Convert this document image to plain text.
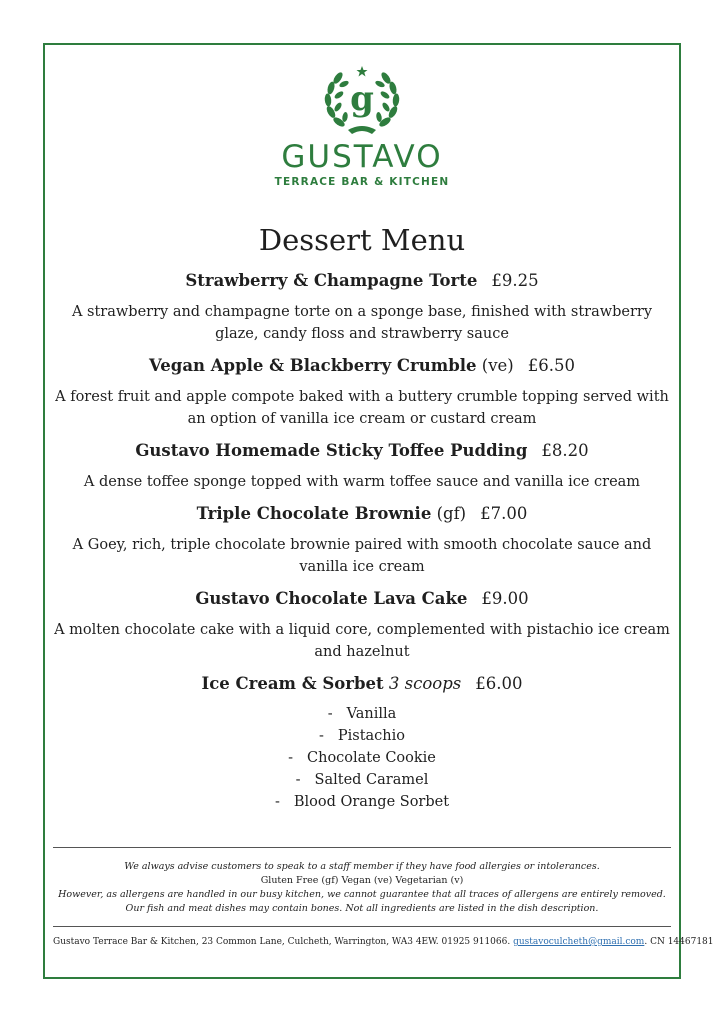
g
GUSTAVO
TERRACE BAR & KITCHEN
Dessert Menu
Strawberry & Champagne Torte £9.25
A strawberry and champagne torte on a sponge base, finished with strawberry glaze, candy floss and strawberry sauce
Vegan Apple & Blackberry Crumble (ve) £6.50
A forest fruit and apple compote baked with a buttery crumble topping served with an option of vanilla ice cream or custard cream
Gustavo Homemade Sticky Toffee Pudding £8.20
A dense toffee sponge topped with warm toffee sauce and vanilla ice cream
Triple Chocolate Brownie (gf) £7.00
A Goey, rich, triple chocolate brownie paired with smooth chocolate sauce and vanilla ice cream
Gustavo Chocolate Lava Cake £9.00
A molten chocolate cake with a liquid core, complemented with pistachio ice cream and hazelnut
Ice Cream & Sorbet 3 scoops £6.00
- Vanilla
- Pistachio
- Chocolate Cookie
- Salted Caramel
- Blood Orange Sorbet
We always advise customers to speak to a staff member if they have food allergies or intolerances.
Gluten Free (gf) Vegan (ve) Vegetarian (v)
However, as allergens are handled in our busy kitchen, we cannot guarantee that all traces of allergens are entirely removed.
Our fish and meat dishes may contain bones. Not all ingredients are listed in the dish description.
Gustavo Terrace Bar & Kitchen, 23 Common Lane, Culcheth, Warrington, WA3 4EW. 01925 911066. gustavoculcheth@gmail.com. CN 14467181
